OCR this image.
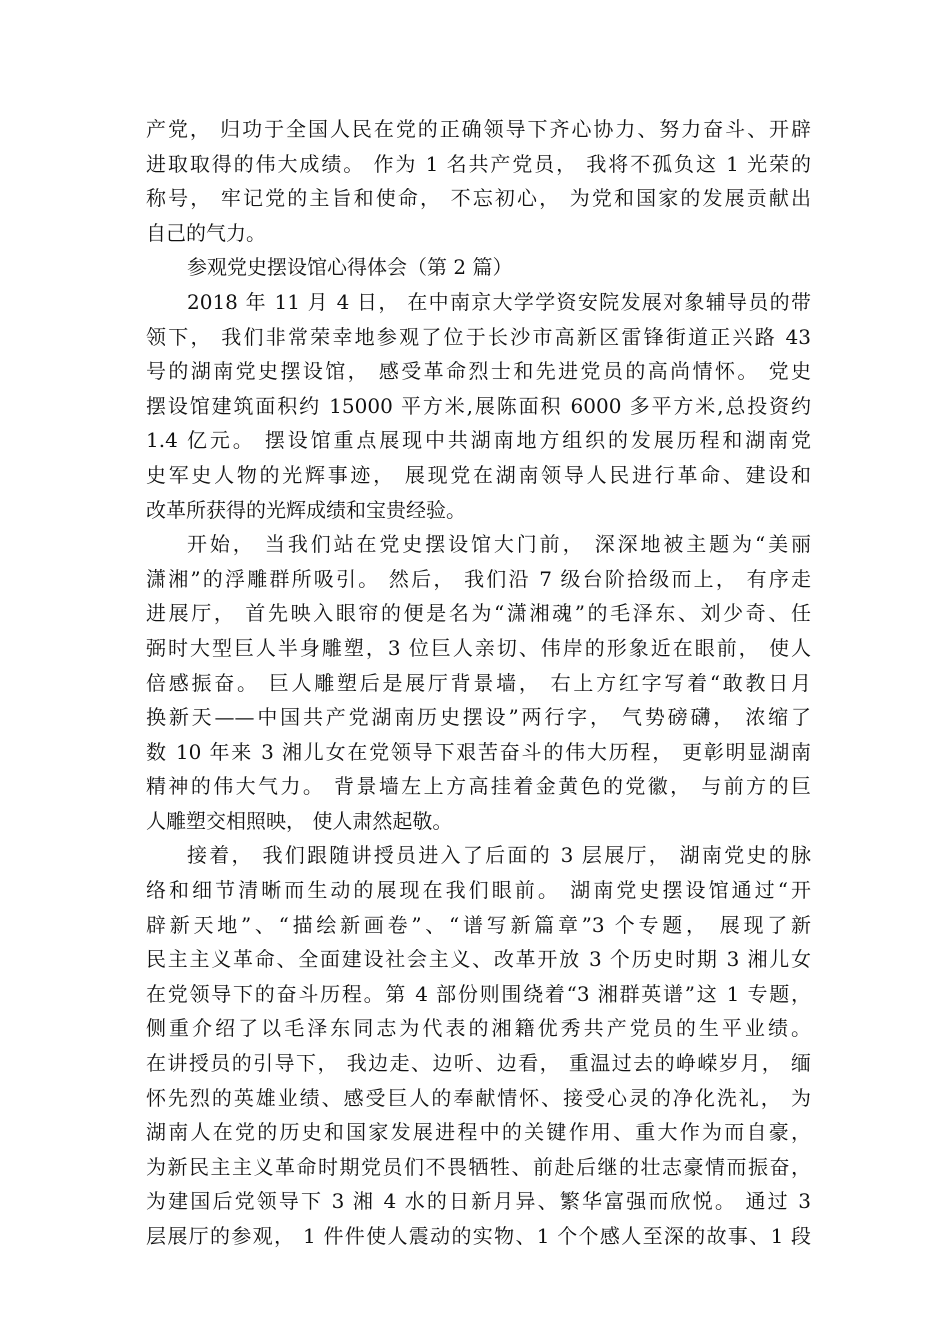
产党， 归功于全国人民在党的正确领导下齐心协力、努力奋斗、开辟
进取取得的伟大成绩。 作为 1 名共产党员， 我将不孤负这 1 光荣的
称号， 牢记党的主旨和使命， 不忘初心， 为党和国家的发展贡献出
自己的气力。
参观党史摆设馆心得体会（第 2 篇）
2018 年 11 月 4 日， 在中南京大学学资安院发展对象辅导员的带
领下， 我们非常荣幸地参观了位于长沙市高新区雷锋街道正兴路 43
号的湖南党史摆设馆， 感受革命烈士和先进党员的高尚情怀。 党史
摆设馆建筑面积约 15000 平方米,展陈面积 6000 多平方米,总投资约
1.4 亿元。 摆设馆重点展现中共湖南地方组织的发展历程和湖南党
史军史人物的光辉事迹， 展现党在湖南领导人民进行革命、建设和
改革所获得的光辉成绩和宝贵经验。
开始， 当我们站在党史摆设馆大门前， 深深地被主题为“美丽
潇湘”的浮雕群所吸引。 然后， 我们沿 7 级台阶拾级而上， 有序走
进展厅， 首先映入眼帘的便是名为“潇湘魂”的毛泽东、刘少奇、任
弼时大型巨人半身雕塑，3 位巨人亲切、伟岸的形象近在眼前， 使人
倍感振奋。 巨人雕塑后是展厅背景墙， 右上方红字写着“敢教日月
换新天——中国共产党湖南历史摆设”两行字， 气势磅礴， 浓缩了
数 10 年来 3 湘儿女在党领导下艰苦奋斗的伟大历程， 更彰明显湖南
精神的伟大气力。 背景墙左上方高挂着金黄色的党徽， 与前方的巨
人雕塑交相照映， 使人肃然起敬。
接着， 我们跟随讲授员进入了后面的 3 层展厅， 湖南党史的脉
络和细节清晰而生动的展现在我们眼前。 湖南党史摆设馆通过“开
辟新天地”、“描绘新画卷”、“谱写新篇章”3 个专题， 展现了新
民主主义革命、全面建设社会主义、改革开放 3 个历史时期 3 湘儿女
在党领导下的奋斗历程。第 4 部份则围绕着“3 湘群英谱”这 1 专题，
侧重介绍了以毛泽东同志为代表的湘籍优秀共产党员的生平业绩。
在讲授员的引导下， 我边走、边听、边看， 重温过去的峥嵘岁月， 缅
怀先烈的英雄业绩、感受巨人的奉献情怀、接受心灵的净化洗礼， 为
湖南人在党的历史和国家发展进程中的关键作用、重大作为而自豪，
为新民主主义革命时期党员们不畏牺牲、前赴后继的壮志豪情而振奋，
为建国后党领导下 3 湘 4 水的日新月异、繁华富强而欣悦。 通过 3
层展厅的参观， 1 件件使人震动的实物、1 个个感人至深的故事、1 段
